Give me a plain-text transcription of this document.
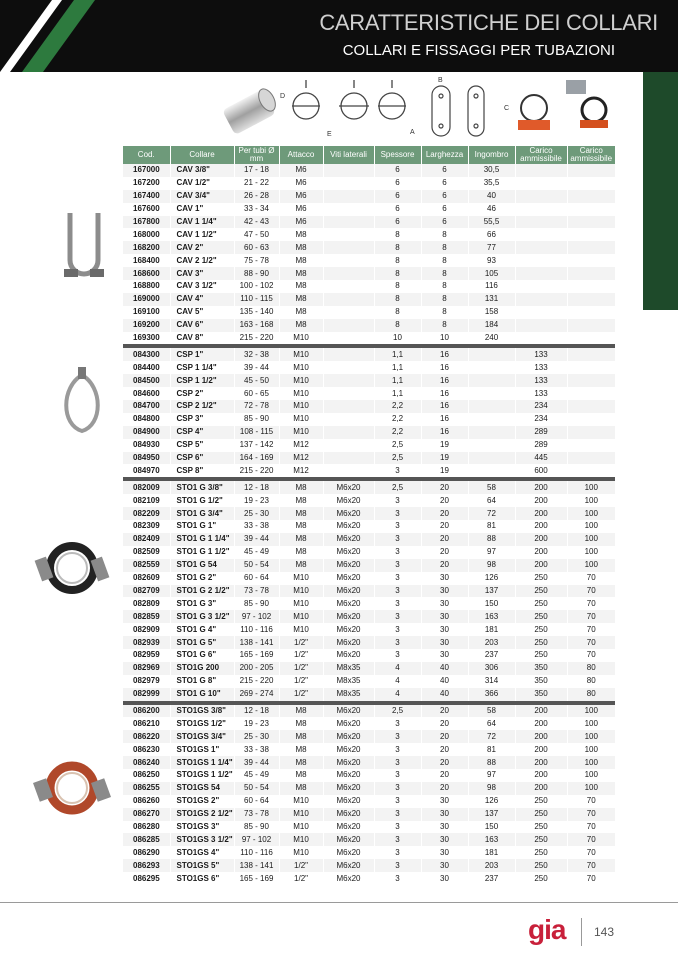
CARATTERISTICHE DEI COLLARI
COLLARI E FISSAGGI PER TUBAZIONI
D
E	A
B
C
Cod.	Collare	Per tubi Ø mm	Attacco	Viti laterali	Spessore	Larghezza	Ingombro	Carico ammissibile	Carico ammissibile
167000	CAV 3/8"	17 - 18	M6		6	6	30,5		
167200	CAV 1/2"	21 - 22	M6		6	6	35,5		
167400	CAV 3/4"	26 - 28	M6		6	6	40		
167600	CAV 1"	33 - 34	M6		6	6	46		
167800	CAV 1 1/4"	42 - 43	M6		6	6	55,5		
168000	CAV 1 1/2"	47 - 50	M8		8	8	66		
168200	CAV 2"	60 - 63	M8		8	8	77		
168400	CAV 2 1/2"	75 - 78	M8		8	8	93		
168600	CAV 3"	88 - 90	M8		8	8	105		
168800	CAV 3 1/2"	100 - 102	M8		8	8	116		
169000	CAV 4"	110 - 115	M8		8	8	131		
169100	CAV 5"	135 - 140	M8		8	8	158		
169200	CAV 6"	163 - 168	M8		8	8	184		
169300	CAV 8"	215 - 220	M10		10	10	240		

084300	CSP 1"	32 - 38	M10		1,1	16		133	
084400	CSP 1 1/4"	39 - 44	M10		1,1	16		133	
084500	CSP 1 1/2"	45 - 50	M10		1,1	16		133	
084600	CSP 2"	60 - 65	M10		1,1	16		133	
084700	CSP 2 1/2"	72 - 78	M10		2,2	16		234	
084800	CSP 3"	85 - 90	M10		2,2	16		234	
084900	CSP 4"	108 - 115	M10		2,2	16		289	
084930	CSP 5"	137 - 142	M12		2,5	19		289	
084950	CSP 6"	164 - 169	M12		2,5	19		445	
084970	CSP 8"	215 - 220	M12		3	19		600	

082009	STO1 G 3/8"	12 - 18	M8	M6x20	2,5	20	58	200	100
082109	STO1 G 1/2"	19 - 23	M8	M6x20	3	20	64	200	100
082209	STO1 G 3/4"	25 - 30	M8	M6x20	3	20	72	200	100
082309	STO1 G 1"	33 - 38	M8	M6x20	3	20	81	200	100
082409	STO1 G 1 1/4"	39 - 44	M8	M6x20	3	20	88	200	100
082509	STO1 G 1 1/2"	45 - 49	M8	M6x20	3	20	97	200	100
082559	STO1 G 54	50 - 54	M8	M6x20	3	20	98	200	100
082609	STO1 G 2"	60 - 64	M10	M6x20	3	30	126	250	70
082709	STO1 G 2 1/2"	73 - 78	M10	M6x20	3	30	137	250	70
082809	STO1 G 3"	85 - 90	M10	M6x20	3	30	150	250	70
082859	STO1 G 3 1/2"	97 - 102	M10	M6x20	3	30	163	250	70
082909	STO1 G 4"	110 - 116	M10	M6x20	3	30	181	250	70
082939	STO1 G 5"	138 - 141	1/2"	M6x20	3	30	203	250	70
082959	STO1 G 6"	165 - 169	1/2"	M6x20	3	30	237	250	70
082969	STO1G 200	200 - 205	1/2"	M8x35	4	40	306	350	80
082979	STO1 G 8"	215 - 220	1/2"	M8x35	4	40	314	350	80
082999	STO1 G 10"	269 - 274	1/2"	M8x35	4	40	366	350	80

086200	STO1GS 3/8"	12 - 18	M8	M6x20	2,5	20	58	200	100
086210	STO1GS 1/2"	19 - 23	M8	M6x20	3	20	64	200	100
086220	STO1GS 3/4"	25 - 30	M8	M6x20	3	20	72	200	100
086230	STO1GS 1"	33 - 38	M8	M6x20	3	20	81	200	100
086240	STO1GS 1 1/4"	39 - 44	M8	M6x20	3	20	88	200	100
086250	STO1GS 1 1/2"	45 - 49	M8	M6x20	3	20	97	200	100
086255	STO1GS 54	50 - 54	M8	M6x20	3	20	98	200	100
086260	STO1GS 2"	60 - 64	M10	M6x20	3	30	126	250	70
086270	STO1GS 2 1/2"	73 - 78	M10	M6x20	3	30	137	250	70
086280	STO1GS 3"	85 - 90	M10	M6x20	3	30	150	250	70
086285	STO1GS 3 1/2"	97 - 102	M10	M6x20	3	30	163	250	70
086290	STO1GS 4"	110 - 116	M10	M6x20	3	30	181	250	70
086293	STO1GS 5"	138 - 141	1/2"	M6x20	3	30	203	250	70
086295	STO1GS 6"	165 - 169	1/2"	M6x20	3	30	237	250	70
gia 143
